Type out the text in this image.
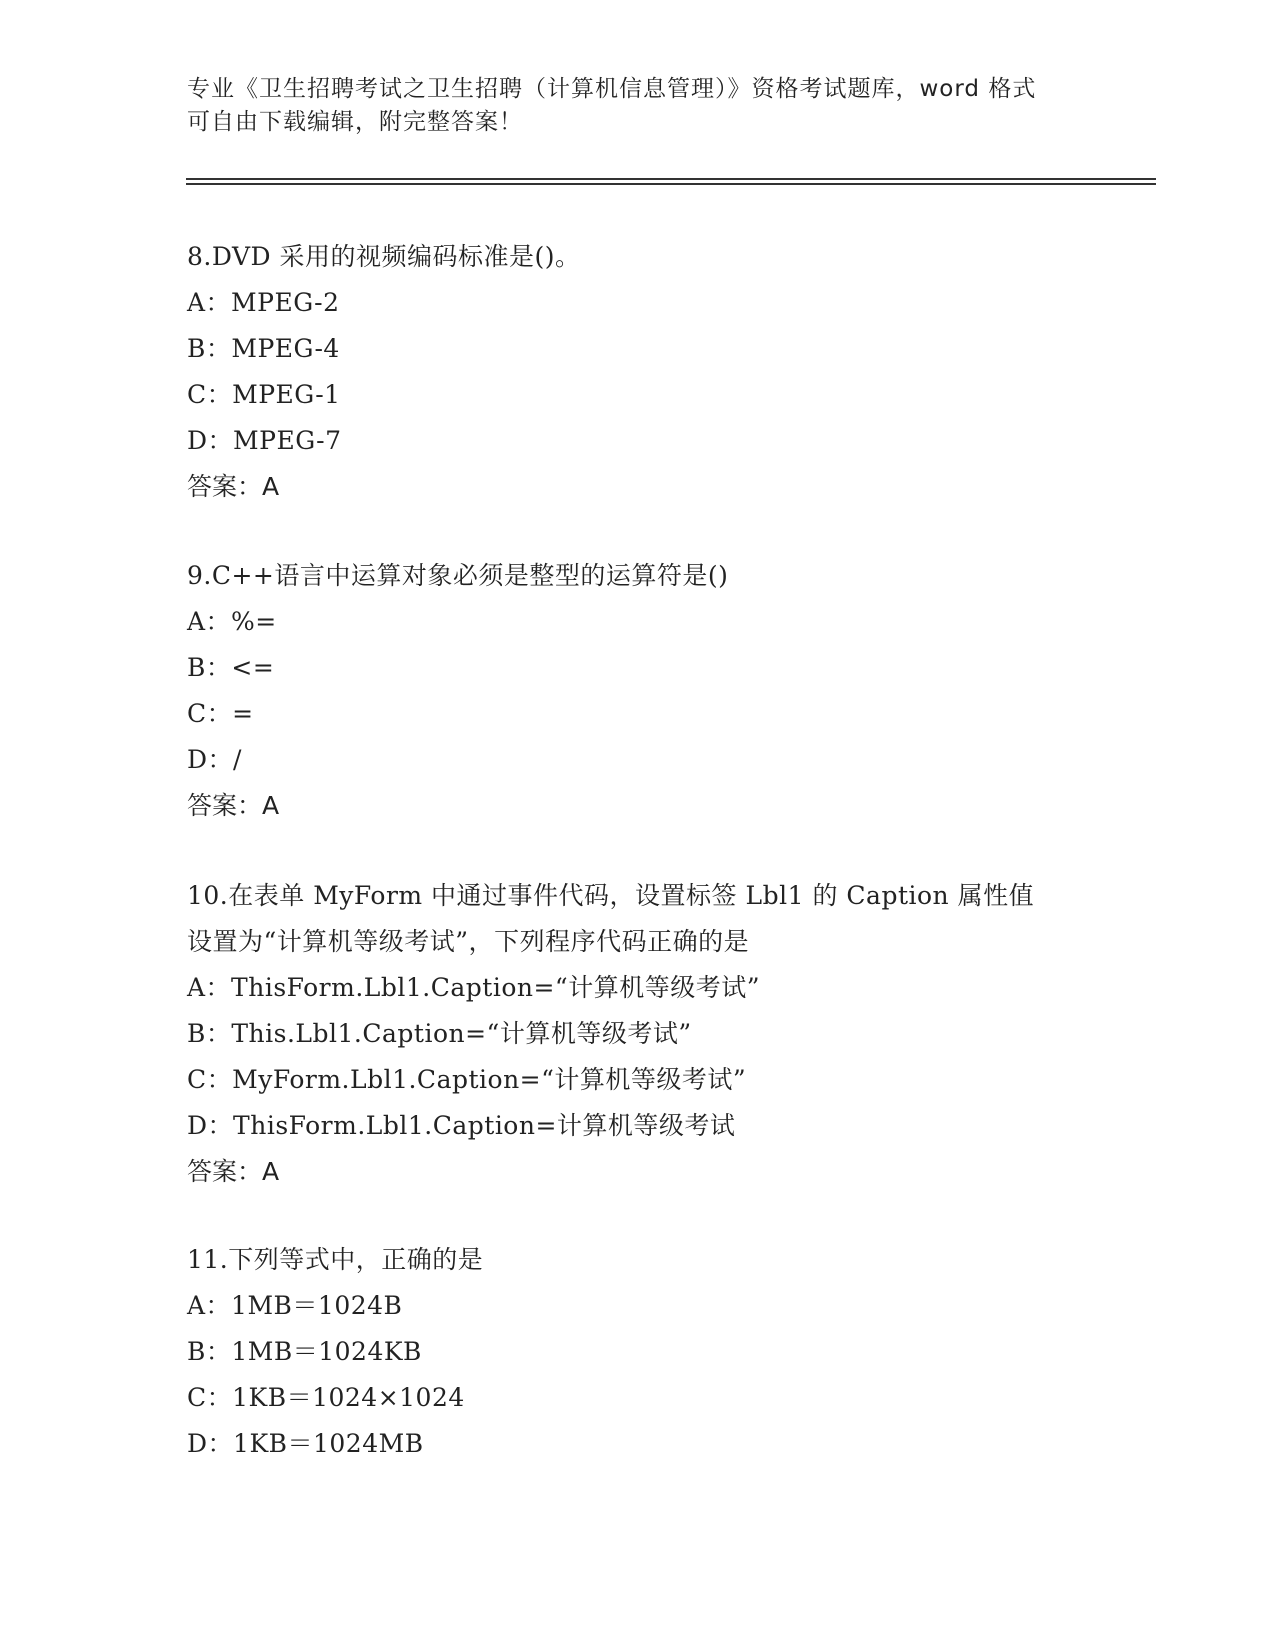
专业《卫生招聘考试之卫生招聘（计算机信息管理）》资格考试题库，word 格式
可自由下载编辑，附完整答案！
8.DVD 采用的视频编码标准是()。
A：MPEG-2
B：MPEG-4
C：MPEG-1
D：MPEG-7
答案：A
9.C++语言中运算对象必须是整型的运算符是()
A：%=
B：<=
C：=
D：/
答案：A
10.在表单 MyForm 中通过事件代码，设置标签 Lbl1 的 Caption 属性值
设置为“计算机等级考试”，下列程序代码正确的是
A：ThisForm.Lbl1.Caption=“计算机等级考试”
B：This.Lbl1.Caption=“计算机等级考试”
C：MyForm.Lbl1.Caption=“计算机等级考试”
D：ThisForm.Lbl1.Caption=计算机等级考试
答案：A
11.下列等式中，正确的是
A：1MB＝1024B
B：1MB＝1024KB
C：1KB＝1024×1024
D：1KB＝1024MB
